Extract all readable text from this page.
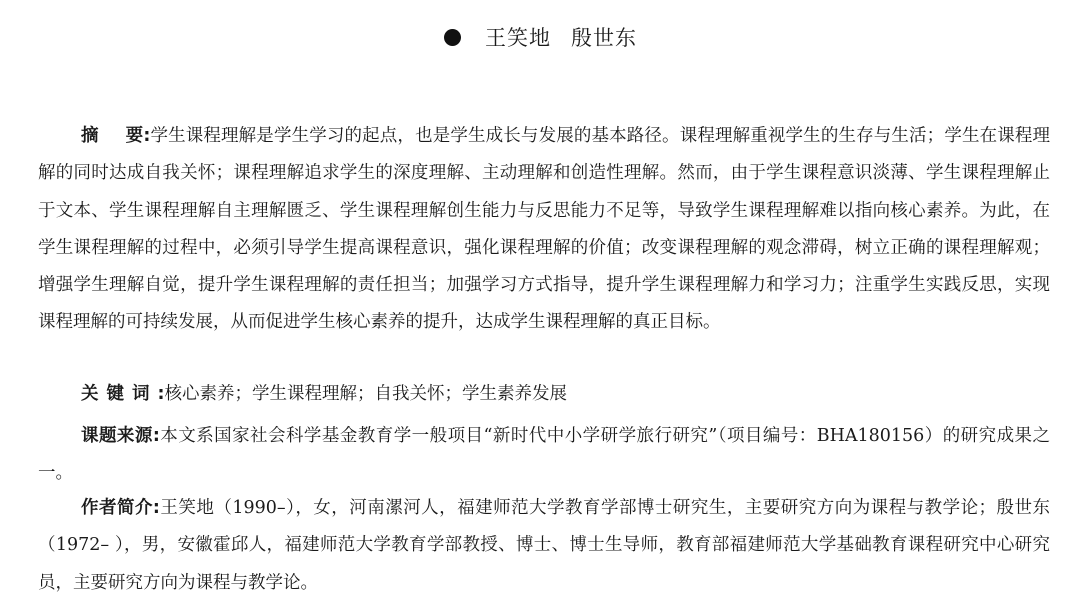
王笑地 殷世东
摘要:学生课程理解是学生学习的起点，也是学生成长与发展的基本路径。课程理解重视学生的生存与生活；学生在课程理解的同时达成自我关怀；课程理解追求学生的深度理解、主动理解和创造性理解。然而，由于学生课程意识淡薄、学生课程理解止于文本、学生课程理解自主理解匮乏、学生课程理解创生能力与反思能力不足等，导致学生课程理解难以指向核心素养。为此，在学生课程理解的过程中，必须引导学生提高课程意识，强化课程理解的价值；改变课程理解的观念滞碍，树立正确的课程理解观；增强学生理解自觉，提升学生课程理解的责任担当；加强学习方式指导，提升学生课程理解力和学习力；注重学生实践反思，实现课程理解的可持续发展，从而促进学生核心素养的提升，达成学生课程理解的真正目标。
关键词:核心素养；学生课程理解；自我关怀；学生素养发展
课题来源:本文系国家社会科学基金教育学一般项目“新时代中小学研学旅行研究”（项目编号：BHA180156）的研究成果之一。
作者简介:王笑地（1990–），女，河南漯河人，福建师范大学教育学部博士研究生，主要研究方向为课程与教学论；殷世东（1972– ），男，安徽霍邱人，福建师范大学教育学部教授、博士、博士生导师，教育部福建师范大学基础教育课程研究中心研究员，主要研究方向为课程与教学论。
